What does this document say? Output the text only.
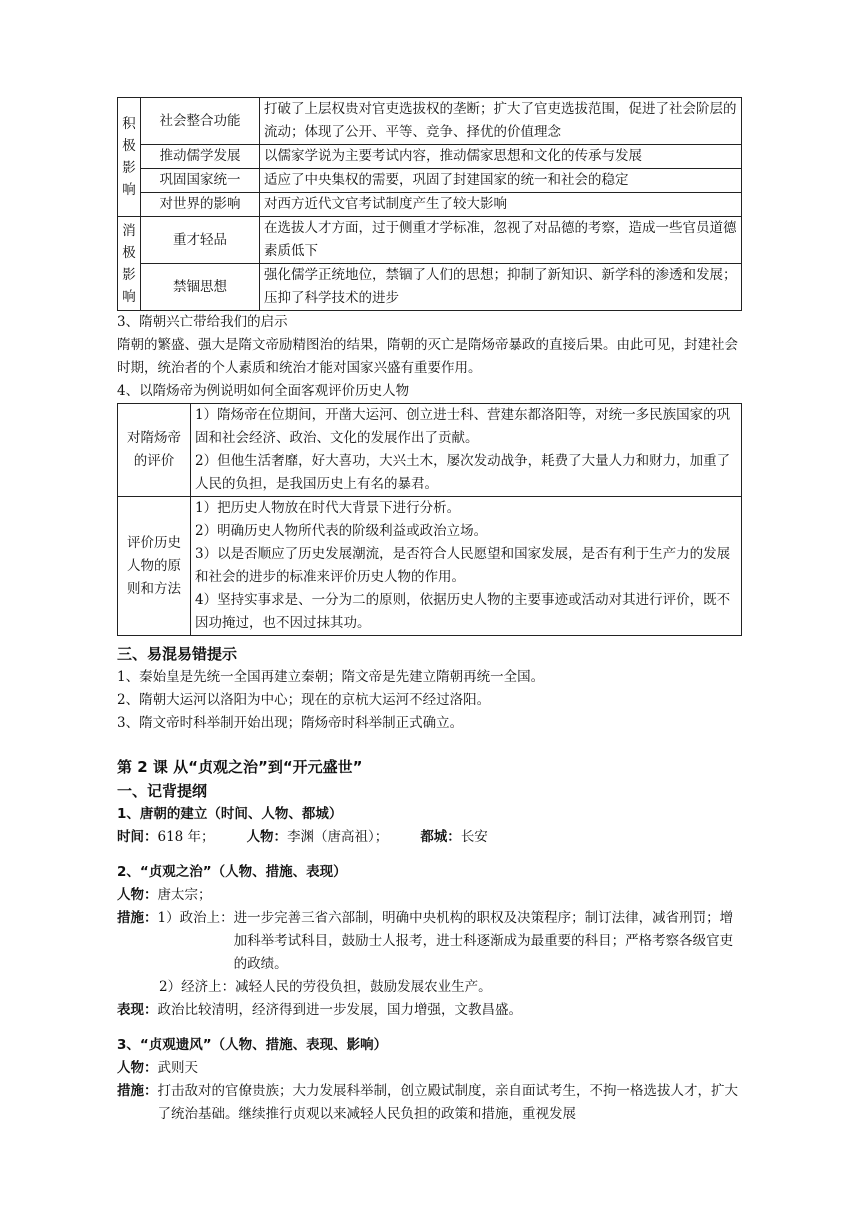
积极影响	社会整合功能	打破了上层权贵对官吏选拔权的垄断；扩大了官吏选拔范围，促进了社会阶层的流动；体现了公开、平等、竞争、择优的价值理念
	推动儒学发展	以儒家学说为主要考试内容，推动儒家思想和文化的传承与发展
	巩固国家统一	适应了中央集权的需要，巩固了封建国家的统一和社会的稳定
	对世界的影响	对西方近代文官考试制度产生了较大影响
消极影响	重才轻品	在选拔人才方面，过于侧重才学标准，忽视了对品德的考察，造成一些官员道德素质低下
	禁锢思想	强化儒学正统地位，禁锢了人们的思想；抑制了新知识、新学科的渗透和发展；压抑了科学技术的进步

3、隋朝兴亡带给我们的启示

隋朝的繁盛、强大是隋文帝励精图治的结果，隋朝的灭亡是隋炀帝暴政的直接后果。由此可见，封建社会时期，统治者的个人素质和统治才能对国家兴盛有重要作用。

4、以隋炀帝为例说明如何全面客观评价历史人物

对隋炀帝的评价	1）隋炀帝在位期间，开凿大运河、创立进士科、营建东都洛阳等，对统一多民族国家的巩固和社会经济、政治、文化的发展作出了贡献。

2）但他生活奢靡，好大喜功，大兴土木，屡次发动战争，耗费了大量人力和财力，加重了人民的负担，是我国历史上有名的暴君。

评价历史人物的原则和方法	1）把历史人物放在时代大背景下进行分析。

2）明确历史人物所代表的阶级利益或政治立场。

3）以是否顺应了历史发展潮流，是否符合人民愿望和国家发展，是否有利于生产力的发展和社会的进步的标准来评价历史人物的作用。

4）坚持实事求是、一分为二的原则，依据历史人物的主要事迹或活动对其进行评价，既不因功掩过，也不因过抹其功。

三、易混易错提示

1、秦始皇是先统一全国再建立秦朝；隋文帝是先建立隋朝再统一全国。

2、隋朝大运河以洛阳为中心；现在的京杭大运河不经过洛阳。

3、隋文帝时科举制开始出现；隋炀帝时科举制正式确立。

第 2 课 从“贞观之治”到“开元盛世”

一、记背提纲

1、唐朝的建立（时间、人物、都城）

时间：618 年； 人物：李渊（唐高祖）； 都城：长安

2、“贞观之治”（人物、措施、表现）

人物：唐太宗；

措施： 1）政治上： 进一步完善三省六部制，明确中央机构的职权及决策程序；制订法律，减省刑罚；增加科举考试科目，鼓励士人报考，进士科逐渐成为最重要的科目；严格考察各级官吏的政绩。

2）经济上：减轻人民的劳役负担，鼓励发展农业生产。

表现：政治比较清明，经济得到进一步发展，国力增强，文教昌盛。

3、“贞观遗风”（人物、措施、表现、影响）

人物：武则天

措施： 打击敌对的官僚贵族；大力发展科举制，创立殿试制度，亲自面试考生，不拘一格选拔人才，扩大了统治基础。继续推行贞观以来减轻人民负担的政策和措施，重视发展
